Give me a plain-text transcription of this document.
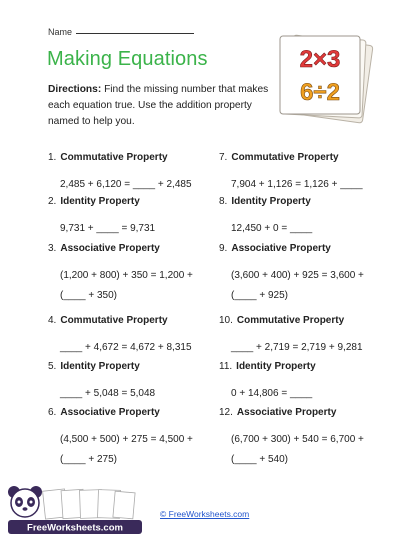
Name
Making Equations
Directions: Find the missing number that makes each equation true. Use the addition property named to help you.
2×3
6÷2
1. Commutative Property
2,485 + 6,120 = ____ + 2,485
2. Identity Property
9,731 + ____ = 9,731
3. Associative Property
(1,200 + 800) + 350 = 1,200 +
(____ + 350)
4. Commutative Property
____ + 4,672 = 4,672 + 8,315
5. Identity Property
____ + 5,048 = 5,048
6. Associative Property
(4,500 + 500) + 275 = 4,500 +
(____ + 275)
7. Commutative Property
7,904 + 1,126 = 1,126 + ____
8. Identity Property
12,450 + 0 = ____
9. Associative Property
(3,600 + 400) + 925 = 3,600 +
(____ + 925)
10. Commutative Property
____ + 2,719 = 2,719 + 9,281
11. Identity Property
0 + 14,806 = ____
12. Associative Property
(6,700 + 300) + 540 = 6,700 +
(____ + 540)
FreeWorksheets.com
© FreeWorksheets.com
